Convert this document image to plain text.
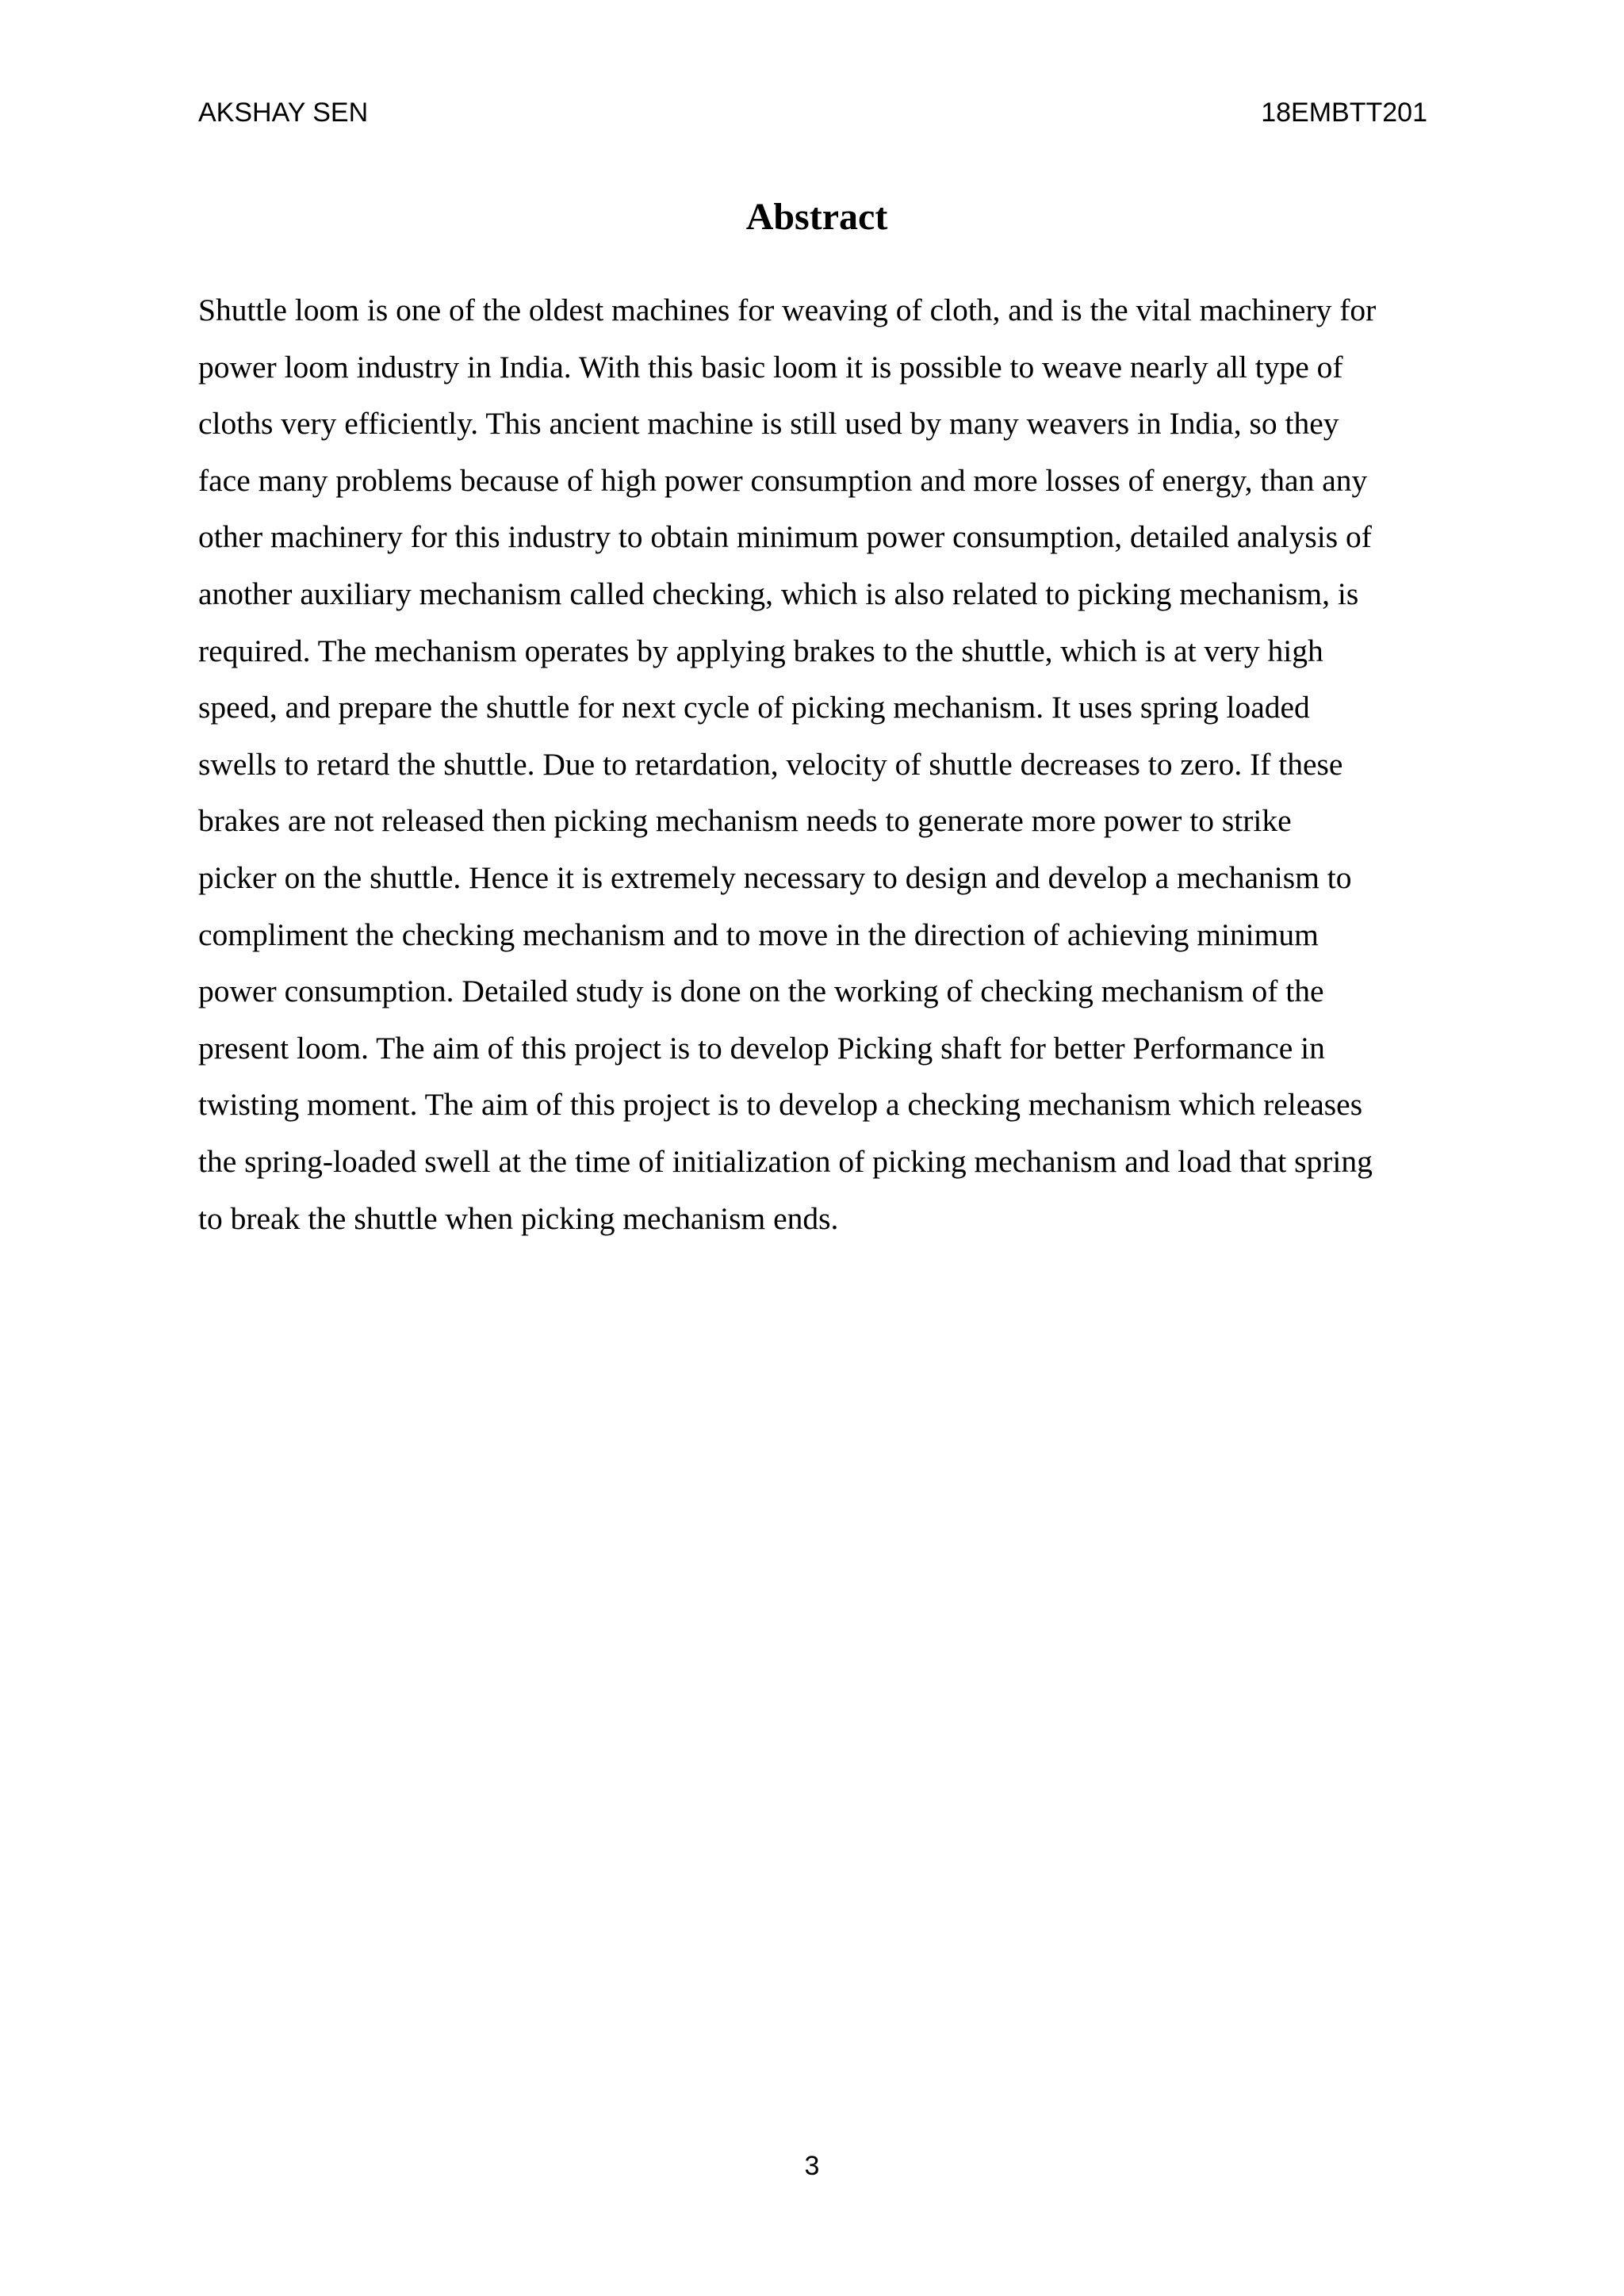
AKSHAY SEN	18EMBTT201
Abstract

Shuttle loom is one of the oldest machines for weaving of cloth, and is the vital machinery for
power loom industry in India. With this basic loom it is possible to weave nearly all type of
cloths very efficiently. This ancient machine is still used by many weavers in India, so they
face many problems because of high power consumption and more losses of energy, than any
other machinery for this industry to obtain minimum power consumption, detailed analysis of
another auxiliary mechanism called checking, which is also related to picking mechanism, is
required. The mechanism operates by applying brakes to the shuttle, which is at very high
speed, and prepare the shuttle for next cycle of picking mechanism. It uses spring loaded
swells to retard the shuttle. Due to retardation, velocity of shuttle decreases to zero. If these
brakes are not released then picking mechanism needs to generate more power to strike
picker on the shuttle. Hence it is extremely necessary to design and develop a mechanism to
compliment the checking mechanism and to move in the direction of achieving minimum
power consumption. Detailed study is done on the working of checking mechanism of the
present loom. The aim of this project is to develop Picking shaft for better Performance in
twisting moment. The aim of this project is to develop a checking mechanism which releases
the spring-loaded swell at the time of initialization of picking mechanism and load that spring
to break the shuttle when picking mechanism ends.

3
